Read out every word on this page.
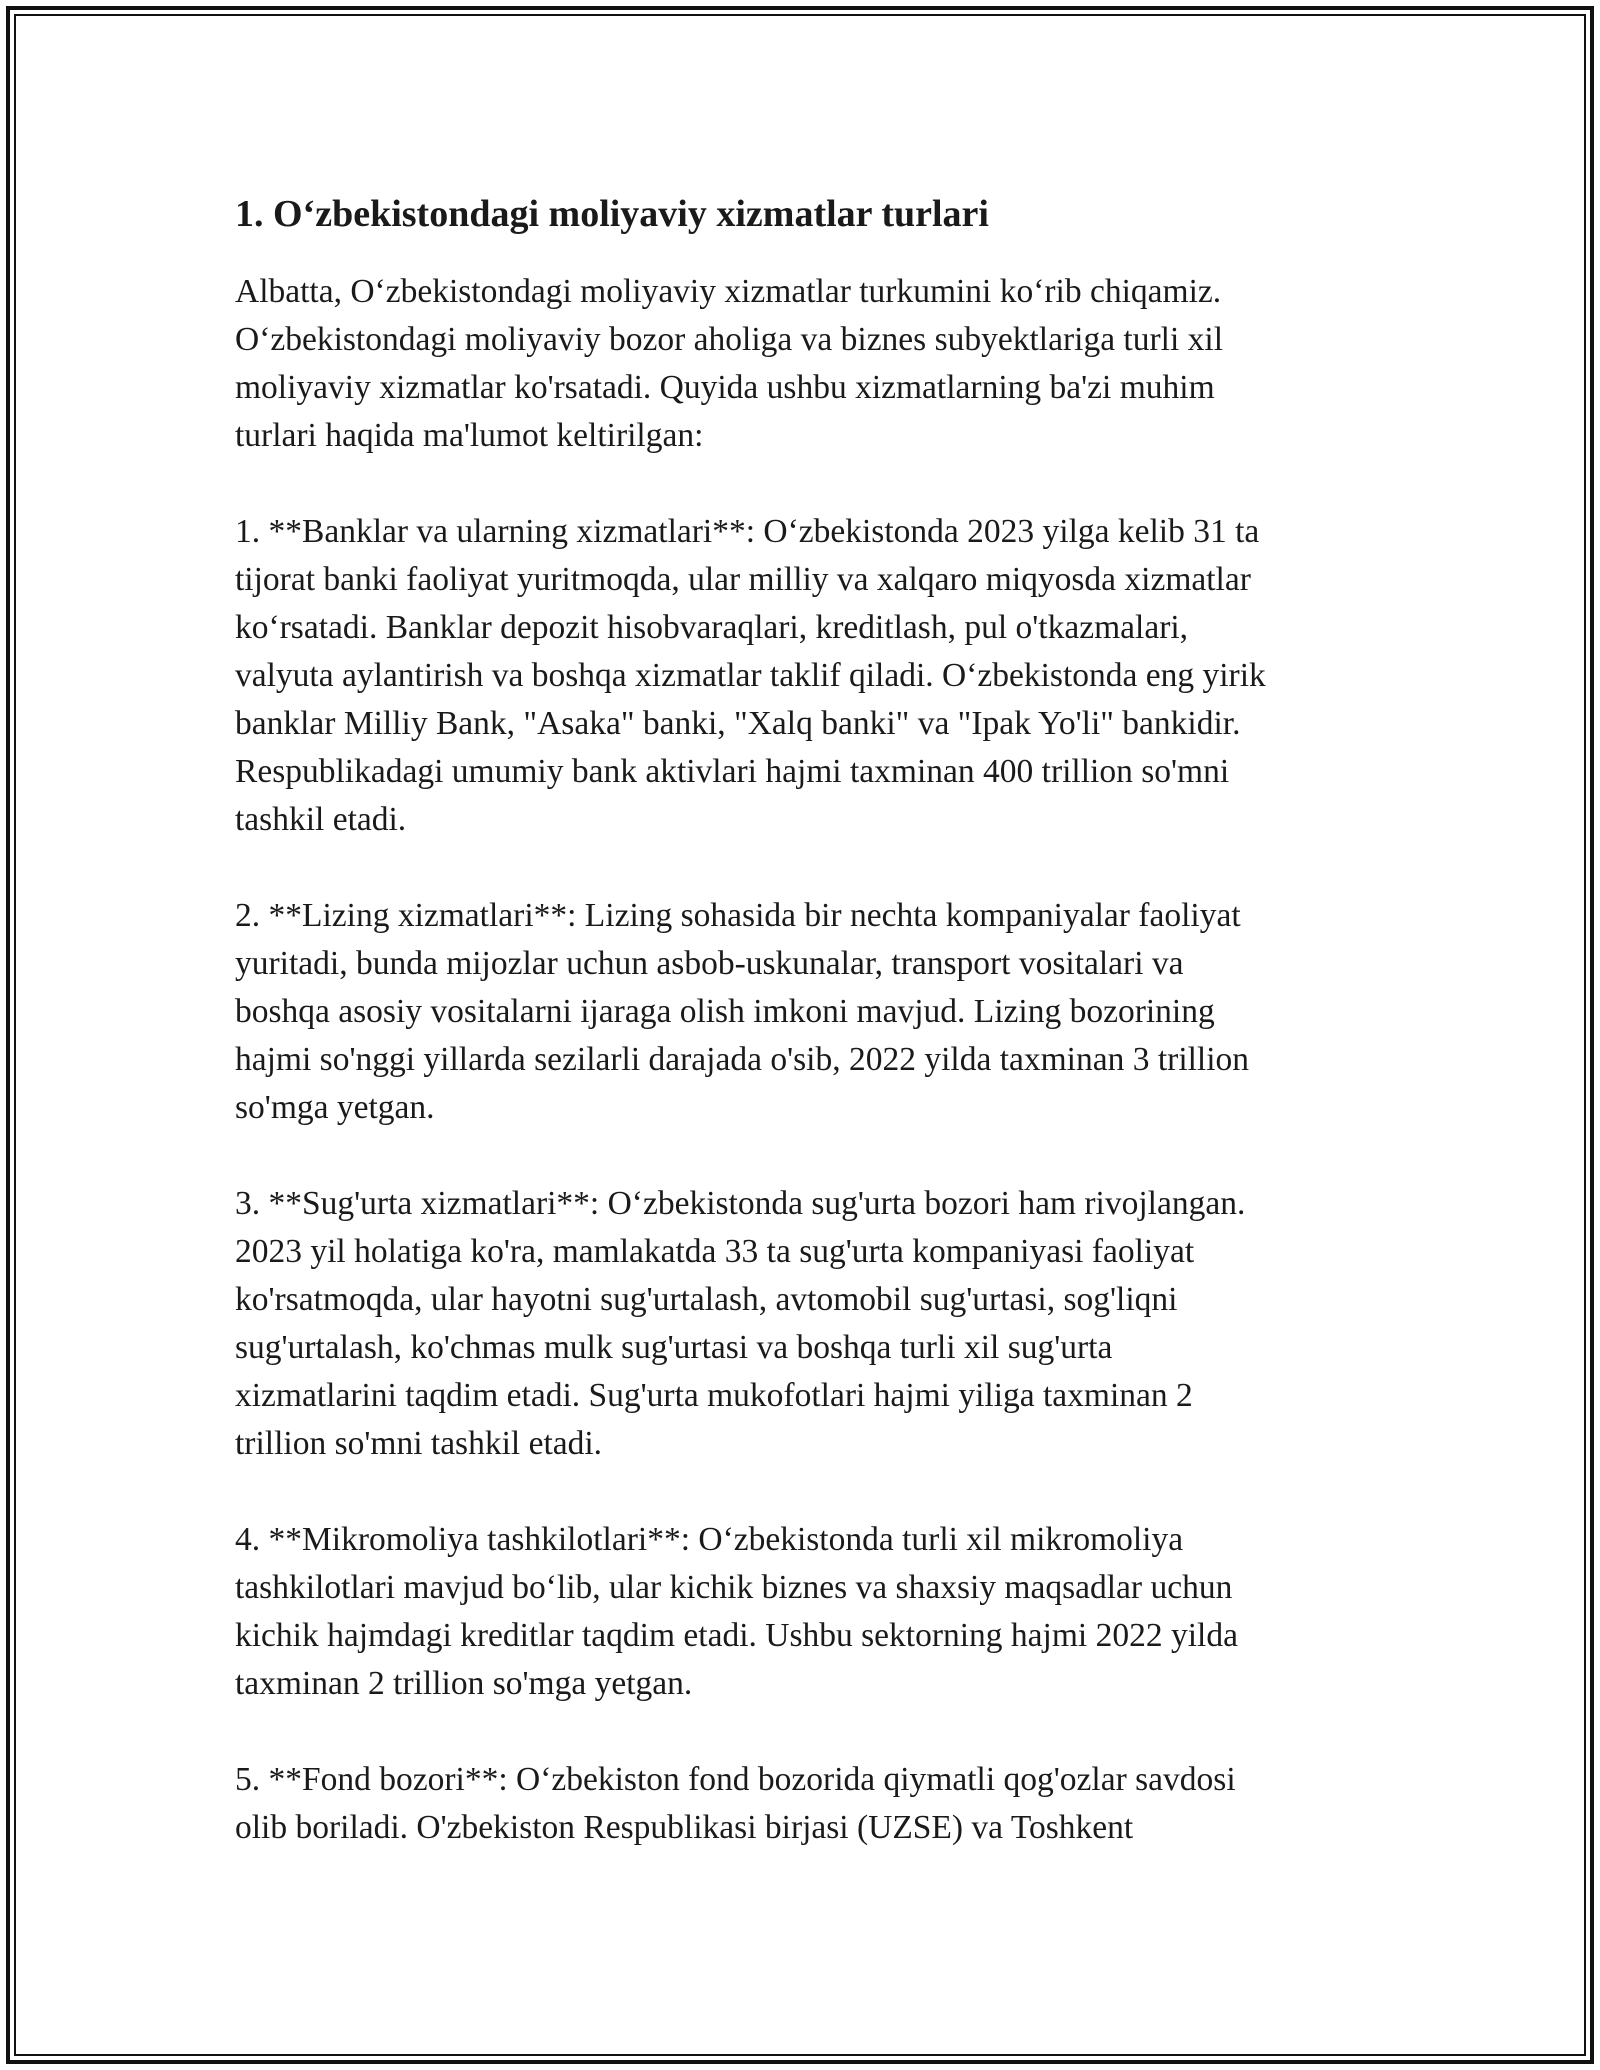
1. O‘zbekistondagi moliyaviy xizmatlar turlari

Albatta, O‘zbekistondagi moliyaviy xizmatlar turkumini ko‘rib chiqamiz.
O‘zbekistondagi moliyaviy bozor aholiga va biznes subyektlariga turli xil
moliyaviy xizmatlar ko'rsatadi. Quyida ushbu xizmatlarning ba'zi muhim
turlari haqida ma'lumot keltirilgan:

1. **Banklar va ularning xizmatlari**: O‘zbekistonda 2023 yilga kelib 31 ta
tijorat banki faoliyat yuritmoqda, ular milliy va xalqaro miqyosda xizmatlar
ko‘rsatadi. Banklar depozit hisobvaraqlari, kreditlash, pul o'tkazmalari,
valyuta aylantirish va boshqa xizmatlar taklif qiladi. O‘zbekistonda eng yirik
banklar Milliy Bank, "Asaka" banki, "Xalq banki" va "Ipak Yo'li" bankidir.
Respublikadagi umumiy bank aktivlari hajmi taxminan 400 trillion so'mni
tashkil etadi.

2. **Lizing xizmatlari**: Lizing sohasida bir nechta kompaniyalar faoliyat
yuritadi, bunda mijozlar uchun asbob-uskunalar, transport vositalari va
boshqa asosiy vositalarni ijaraga olish imkoni mavjud. Lizing bozorining
hajmi so'nggi yillarda sezilarli darajada o'sib, 2022 yilda taxminan 3 trillion
so'mga yetgan.

3. **Sug'urta xizmatlari**: O‘zbekistonda sug'urta bozori ham rivojlangan.
2023 yil holatiga ko'ra, mamlakatda 33 ta sug'urta kompaniyasi faoliyat
ko'rsatmoqda, ular hayotni sug'urtalash, avtomobil sug'urtasi, sog'liqni
sug'urtalash, ko'chmas mulk sug'urtasi va boshqa turli xil sug'urta
xizmatlarini taqdim etadi. Sug'urta mukofotlari hajmi yiliga taxminan 2
trillion so'mni tashkil etadi.

4. **Mikromoliya tashkilotlari**: O‘zbekistonda turli xil mikromoliya
tashkilotlari mavjud bo‘lib, ular kichik biznes va shaxsiy maqsadlar uchun
kichik hajmdagi kreditlar taqdim etadi. Ushbu sektorning hajmi 2022 yilda
taxminan 2 trillion so'mga yetgan.

5. **Fond bozori**: O‘zbekiston fond bozorida qiymatli qog'ozlar savdosi
olib boriladi. O'zbekiston Respublikasi birjasi (UZSE) va Toshkent
